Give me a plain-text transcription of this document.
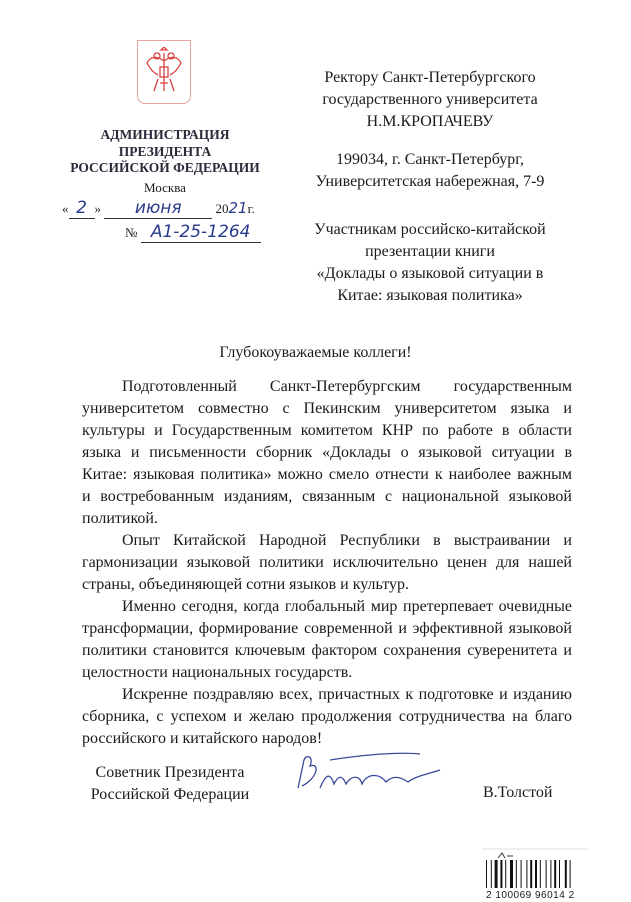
АДМИНИСТРАЦИЯ
ПРЕЗИДЕНТА
РОССИЙСКОЙ ФЕДЕРАЦИИ
Москва
« 2 » июня	2021г.
№ А1-25-1264
Ректору Санкт-Петербургского
государственного университета
Н.М.КРОПАЧЕВУ
199034, г. Санкт-Петербург,
Университетская набережная, 7-9
Участникам российско-китайской
презентации книги
«Доклады о языковой ситуации в
Китае: языковая политика»
Глубокоуважаемые коллеги!
Подготовленный Санкт-Петербургским государственным
университетом совместно с Пекинским университетом языка и
культуры и Государственным комитетом КНР по работе в области
языка и письменности сборник «Доклады о языковой ситуации в
Китае: языковая политика» можно смело отнести к наиболее важным
и востребованным изданиям, связанным с национальной языковой
политикой.
Опыт Китайской Народной Республики в выстраивании и
гармонизации языковой политики исключительно ценен для нашей
страны, объединяющей сотни языков и культур.
Именно сегодня, когда глобальный мир претерпевает очевидные
трансформации, формирование современной и эффективной языковой
политики становится ключевым фактором сохранения суверенитета и
целостности национальных государств.
Искренне поздравляю всех, причастных к подготовке и изданию
сборника, с успехом и желаю продолжения сотрудничества на благо
российского и китайского народов!
Советник Президента
Российской Федерации	В.Толстой
2 100069 96014 2
